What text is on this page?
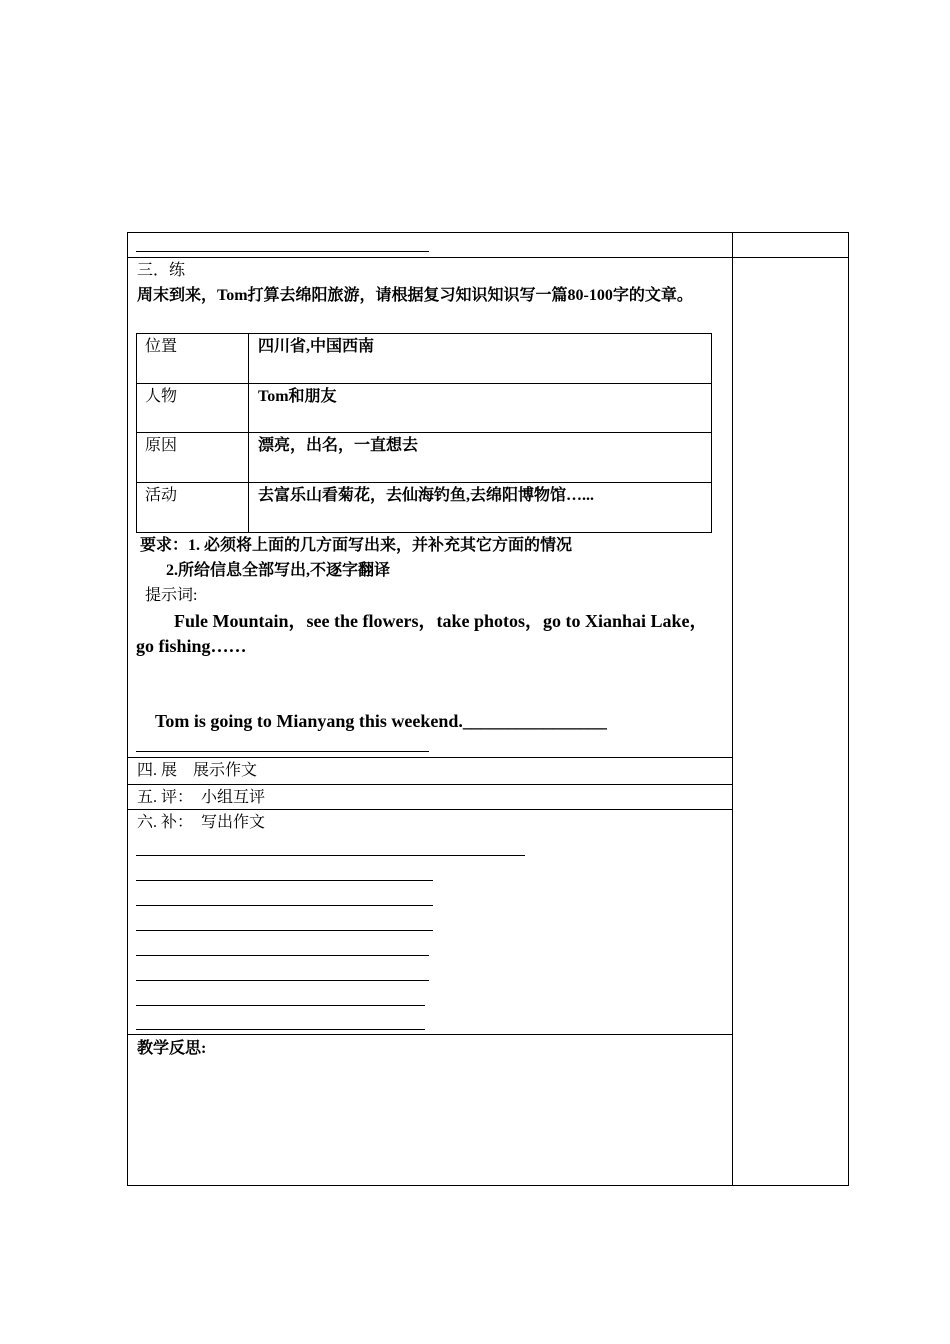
三．练
周末到来，Tom打算去绵阳旅游，请根据复习知识知识写一篇80-100字的文章。
位置	四川省,中国西南
人物	Tom和朋友
原因	漂亮，出名，一直想去
活动	去富乐山看菊花，去仙海钓鱼,去绵阳博物馆…...
要求：1. 必须将上面的几方面写出来，并补充其它方面的情况
2.所给信息全部写出,不逐字翻译
提示词:
Fule Mountain，see the flowers，take photos，go to Xianhai Lake，
go fishing……
Tom is going to Mianyang this weekend.________________
四. 展　展示作文
五. 评：　小组互评
六. 补：　写出作文
教学反思:
